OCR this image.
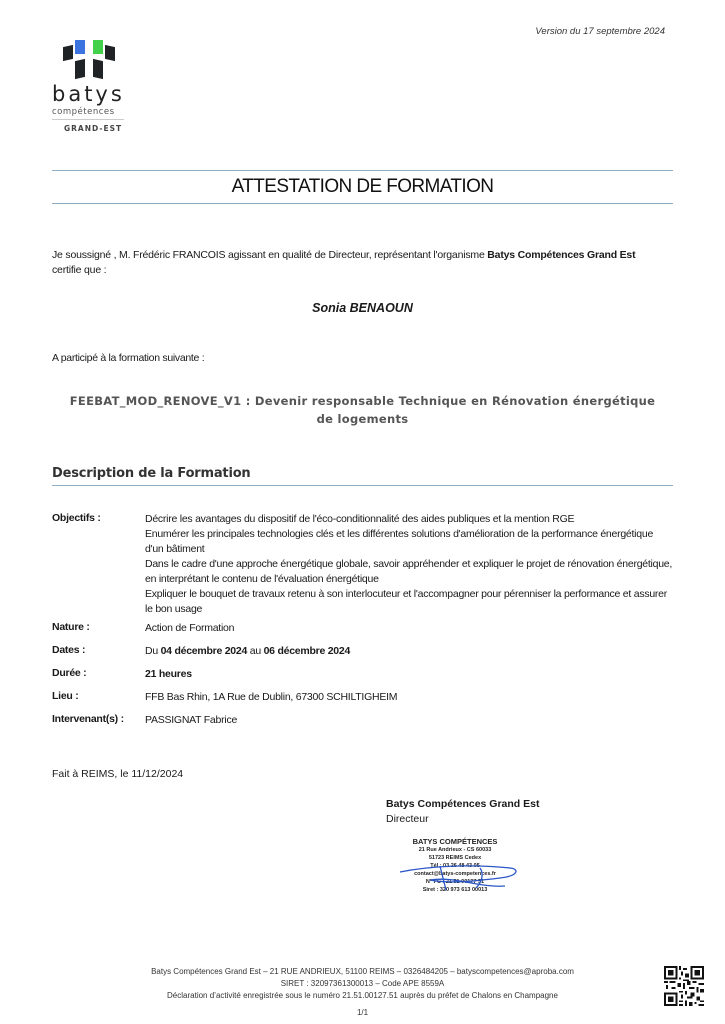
Version du 17 septembre 2024
batys
compétences
GRAND-EST
ATTESTATION DE FORMATION
Je soussigné , M. Frédéric FRANCOIS agissant en qualité de Directeur, représentant l'organisme Batys Compétences Grand Est
certifie que :
Sonia BENAOUN
A participé à la formation suivante :
FEEBAT_MOD_RENOVE_V1 : Devenir responsable Technique en Rénovation énergétique
de logements
Description de la Formation
Objectifs :	Décrire les avantages du dispositif de l'éco-conditionnalité des aides publiques et la mention RGE
Enumérer les principales technologies clés et les différentes solutions d'amélioration de la performance énergétique d'un bâtiment
Dans le cadre d'une approche énergétique globale, savoir appréhender et expliquer le projet de rénovation énergétique, en interprétant le contenu de l'évaluation énergétique
Expliquer le bouquet de travaux retenu à son interlocuteur et l'accompagner pour pérenniser la performance et assurer le bon usage
Nature :	Action de Formation
Dates :	Du 04 décembre 2024 au 06 décembre 2024
Durée :	21 heures
Lieu :	FFB Bas Rhin, 1A Rue de Dublin, 67300 SCHILTIGHEIM
Intervenant(s) :	PASSIGNAT Fabrice
Fait à REIMS, le 11/12/2024
Batys Compétences Grand Est
Directeur
BATYS COMPÉTENCES
21 Rue Andrieux - CS 60033
51723 REIMS Cedex
Tél : 03 26 48 43 05
contact@batys-competences.fr
N° FC : 21 51 00127 51
Siret : 320 973 613 00013
Batys Compétences Grand Est – 21 RUE ANDRIEUX, 51100 REIMS – 0326484205 – batyscompetences@aproba.com
SIRET : 32097361300013 – Code APE 8559A
Déclaration d’activité enregistrée sous le numéro 21.51.00127.51 auprès du préfet de Chalons en Champagne
1/1
